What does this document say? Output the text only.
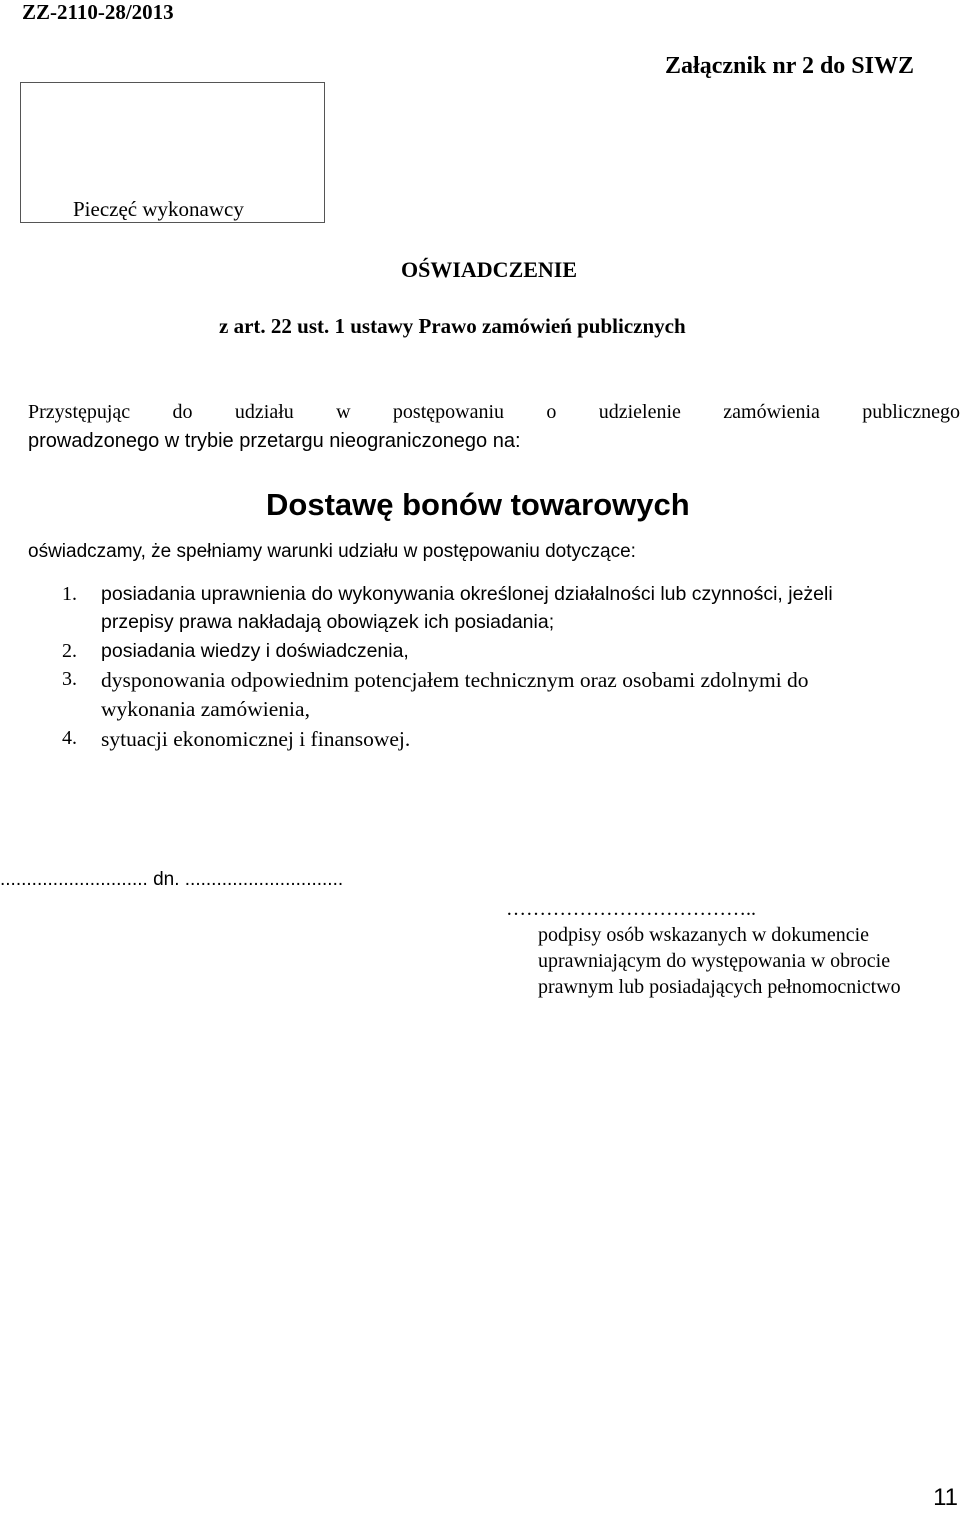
ZZ-2110-28/2013
Załącznik nr 2 do SIWZ
Pieczęć wykonawcy
OŚWIADCZENIE
z art. 22 ust. 1 ustawy Prawo zamówień publicznych
Przystępując do udziału w postępowaniu o udzielenie zamówienia publicznego
prowadzonego w trybie przetargu nieograniczonego na:
Dostawę bonów towarowych
oświadczamy, że spełniamy warunki udziału w postępowaniu dotyczące:
1. posiadania uprawnienia do wykonywania określonej działalności lub czynności, jeżeli
przepisy prawa nakładają obowiązek ich posiadania;
2. posiadania wiedzy i doświadczenia,
3. dysponowania odpowiednim potencjałem technicznym oraz osobami zdolnymi do
wykonania zamówienia,
4. sytuacji ekonomicznej i finansowej.
............................ dn. ..............................
………………………………..
podpisy osób wskazanych w dokumencie
uprawniającym do występowania w obrocie
prawnym lub posiadających pełnomocnictwo
11
